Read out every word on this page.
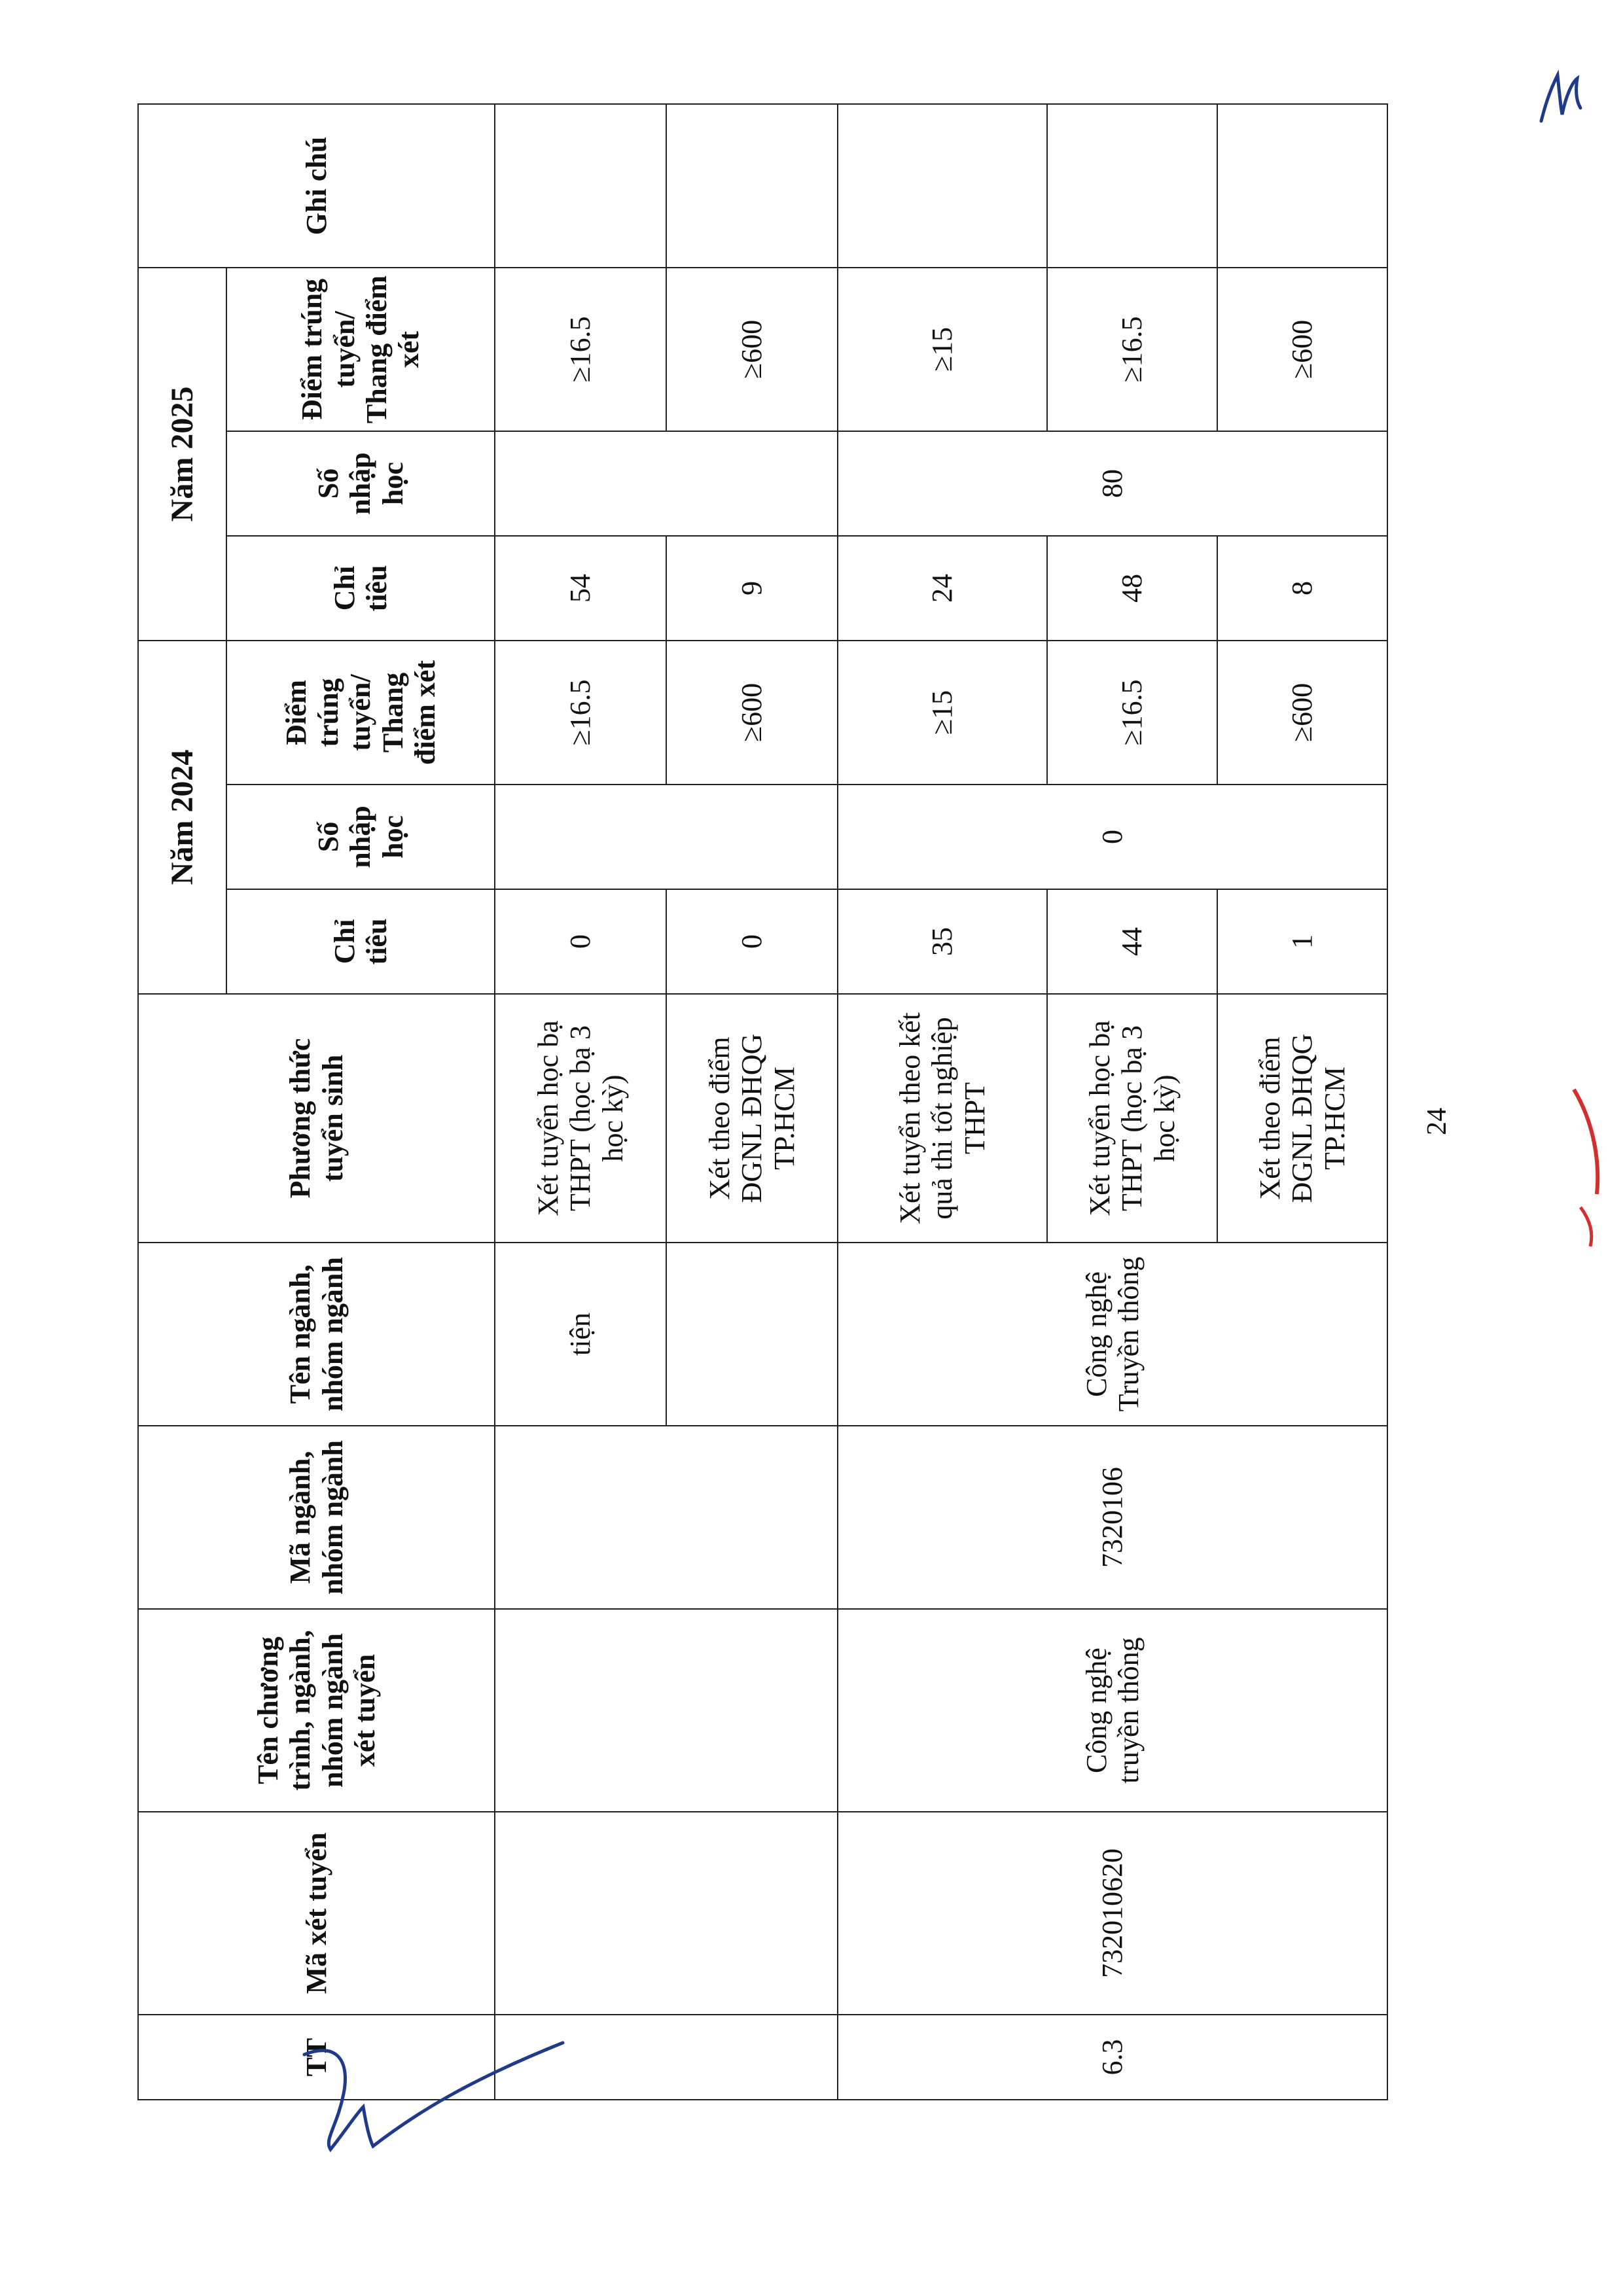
TT	Mã xét tuyển	Tên chương trình, ngành, nhóm ngành xét tuyển	Mã ngành, nhóm ngành	Tên ngành, nhóm ngành	Phương thức tuyển sinh	Năm 2024			Năm 2025			Ghi chú
						Chỉ tiêu	Số nhập học	Điểm trúng tuyển/ Thang điểm xét	Chỉ tiêu	Số nhập học	Điểm trúng tuyển/ Thang điểm xét	
				tiện	Xét tuyển học bạ THPT (học bạ 3 học kỳ)	0		≥16.5	54		≥16.5	
					Xét theo điểm ĐGNL ĐHQG TP.HCM	0		≥600	9		≥600	
6.3	732010620	Công nghệ truyền thông	7320106	Công nghệ Truyền thông	Xét tuyển theo kết quả thi tốt nghiệp THPT	35	0	≥15	24	80	≥15	
					Xét tuyển học bạ THPT (học bạ 3 học kỳ)	44		≥16.5	48		≥16.5	
					Xét theo điểm ĐGNL ĐHQG TP.HCM	1		≥600	8		≥600	
24
